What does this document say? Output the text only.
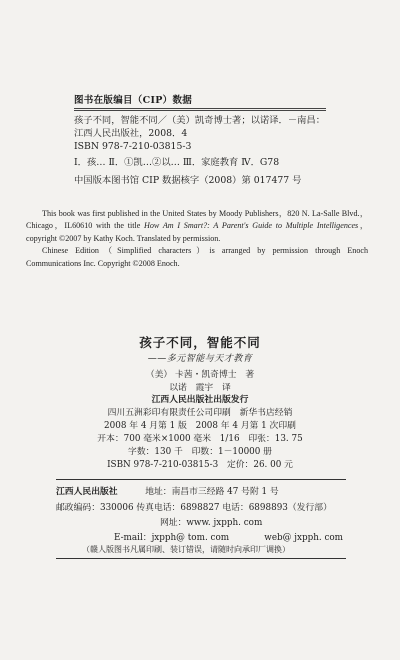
图书在版编目（CIP）数据
孩子不同，智能不同／（美）凯奇博士著；以诺译．－南昌：
江西人民出版社，2008．4
ISBN 978-7-210-03815-3
Ⅰ．孩… Ⅱ．①凯…②以… Ⅲ．家庭教育 Ⅳ．G78
中国版本图书馆 CIP 数据核字（2008）第 017477 号

This book was first published in the United States by Moody Publishers，820 N. La-Salle Blvd.，Chicago，IL60610 with the title How Am I Smart?: A Parent's Guide to Multiple Intelligences，copyright ©2007 by Kathy Koch. Translated by permission.

Chinese Edition（Simplified characters）is arranged by permission through Enoch Communications Inc. Copyright ©2008 Enoch.

孩子不同，智能不同
——多元智能与天才教育
（美） 卡茜・凯奇博士　著
以诺　霞宇　译
江西人民出版社出版发行
四川五洲彩印有限责任公司印刷　新华书店经销
2008 年 4 月第 1 版　2008 年 4 月第 1 次印刷
开本：700 毫米×1000 毫米　1/16　印张：13. 75
字数：130 千　印数：1－10000 册
ISBN 978-7-210-03815-3　定价：26. 00 元
江西人民出版社	地址：南昌市三经路 47 号附 1 号
邮政编码：330006 传真电话：6898827 电话：6898893（发行部）
网址：www. jxpph. com
E-mail：jxpph@ tom. com　　　　web@ jxpph. com
（赣人版图书凡属印刷、装订错误，请随时向承印厂调换）
